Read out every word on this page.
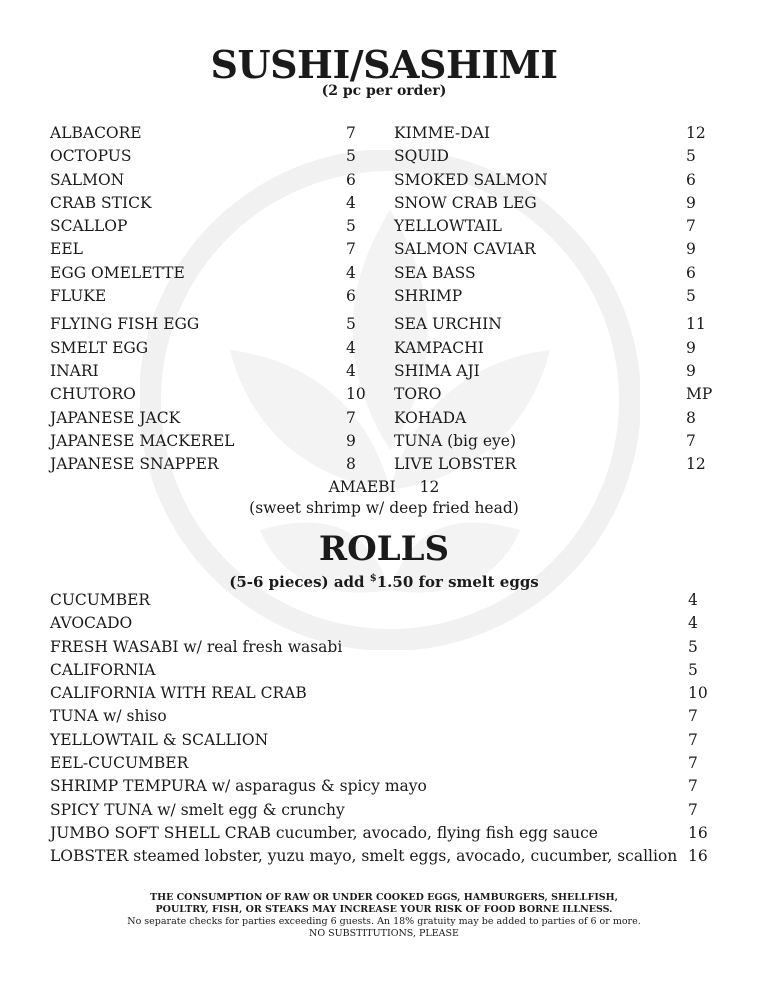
SUSHI/SASHIMI
(2 pc per order)
ALBACORE	7
OCTOPUS	5
SALMON	6
CRAB STICK	4
SCALLOP	5
EEL	7
EGG OMELETTE	4
FLUKE	6
FLYING FISH EGG	5
SMELT EGG	4
INARI	4
CHUTORO	10
JAPANESE JACK	7
JAPANESE MACKEREL	9
JAPANESE SNAPPER	8
KIMME-DAI	12
SQUID	5
SMOKED SALMON	6
SNOW CRAB LEG	9
YELLOWTAIL	7
SALMON CAVIAR	9
SEA BASS	6
SHRIMP	5
SEA URCHIN	11
KAMPACHI	9
SHIMA AJI	9
TORO	MP
KOHADA	8
TUNA (big eye)	7
LIVE LOBSTER	12
AMAEBI 12
(sweet shrimp w/ deep fried head)
ROLLS
(5-6 pieces) add $1.50 for smelt eggs
CUCUMBER	4
AVOCADO	4
FRESH WASABI w/ real fresh wasabi	5
CALIFORNIA	5
CALIFORNIA WITH REAL CRAB	10
TUNA w/ shiso	7
YELLOWTAIL & SCALLION	7
EEL-CUCUMBER	7
SHRIMP TEMPURA w/ asparagus & spicy mayo	7
SPICY TUNA w/ smelt egg & crunchy	7
JUMBO SOFT SHELL CRAB cucumber, avocado, flying fish egg sauce	16
LOBSTER steamed lobster, yuzu mayo, smelt eggs, avocado, cucumber, scallion 16
THE CONSUMPTION OF RAW OR UNDER COOKED EGGS, HAMBURGERS, SHELLFISH,
POULTRY, FISH, OR STEAKS MAY INCREASE YOUR RISK OF FOOD BORNE ILLNESS.
No separate checks for parties exceeding 6 guests. An 18% gratuity may be added to parties of 6 or more.
NO SUBSTITUTIONS, PLEASE
